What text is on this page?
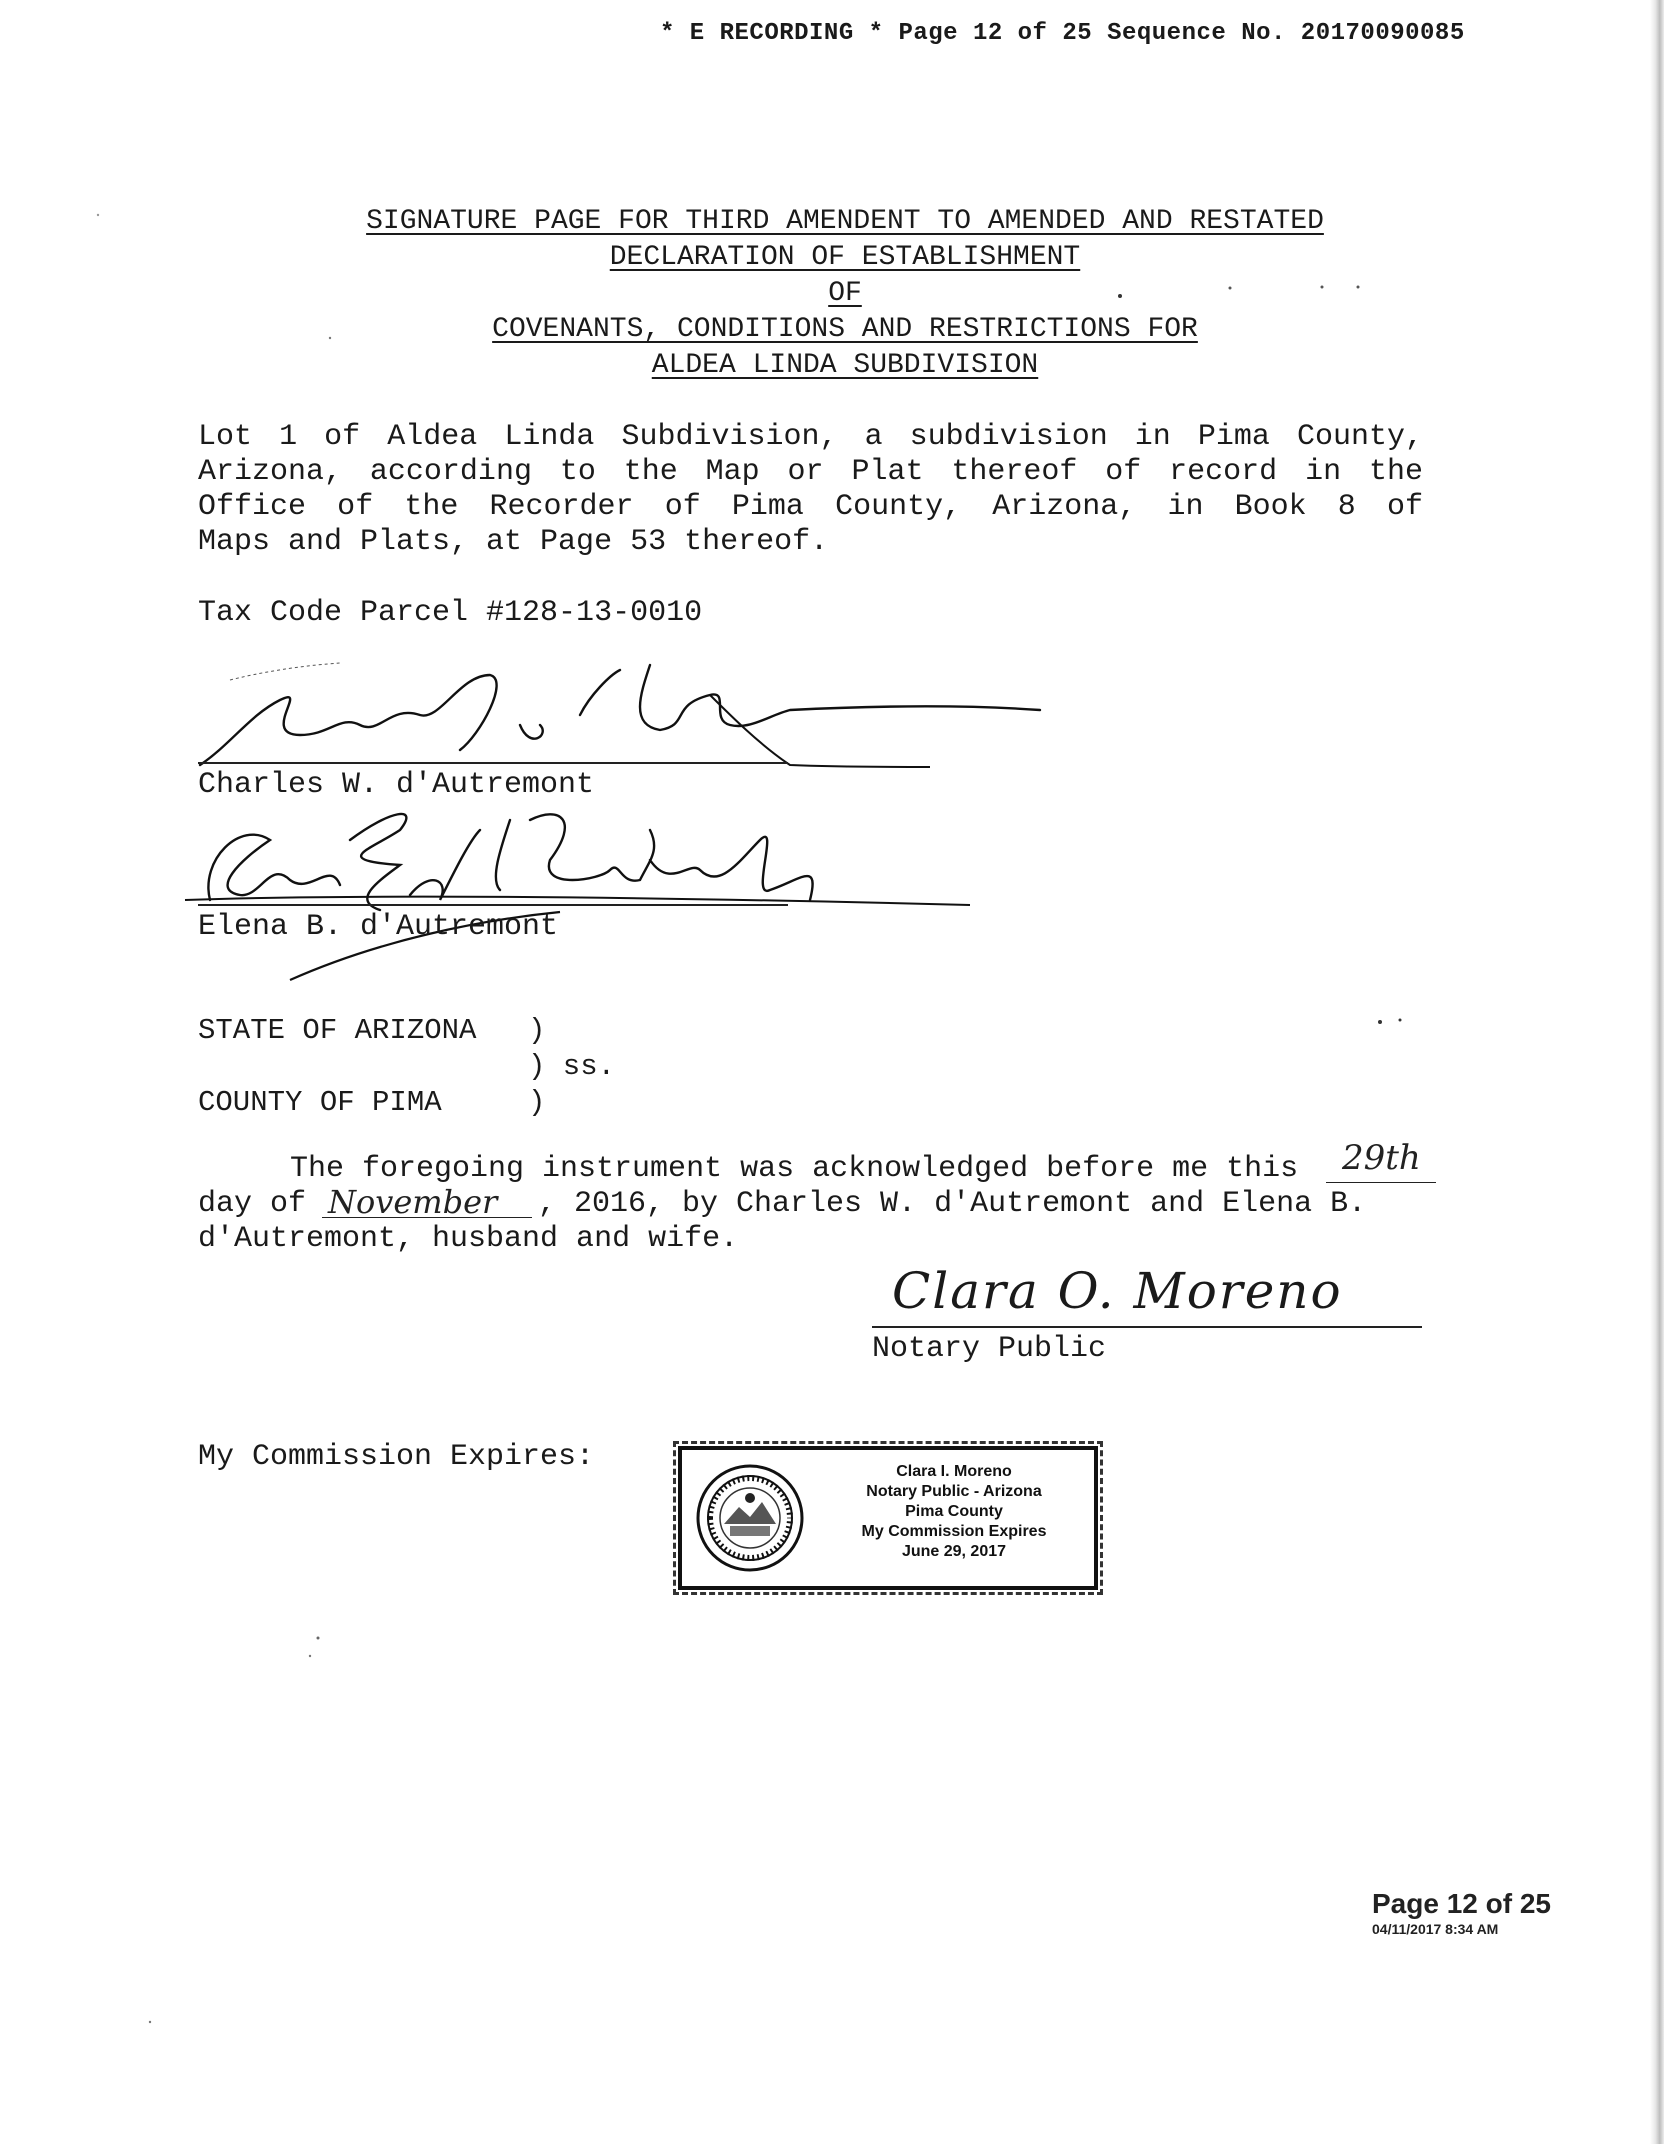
* E RECORDING * Page 12 of 25 Sequence No. 20170090085
SIGNATURE PAGE FOR THIRD AMENDENT TO AMENDED AND RESTATED
DECLARATION OF ESTABLISHMENT
OF
COVENANTS, CONDITIONS AND RESTRICTIONS FOR
ALDEA LINDA SUBDIVISION
Lot 1 of Aldea Linda Subdivision, a subdivision in Pima County,
Arizona, according to the Map or Plat thereof of record in the
Office of the Recorder of Pima County, Arizona, in Book 8 of
Maps and Plats, at Page 53 thereof.
Tax Code Parcel #128-13-0010
Charles W. d'Autremont
Elena B. d'Autremont
STATE OF ARIZONA )
) ss.
COUNTY OF PIMA	)
The foregoing instrument was acknowledged before me this 29th
day of November , 2016, by Charles W. d'Autremont and Elena B.
d'Autremont, husband and wife.
Clara O. Moreno
Notary Public
My Commission Expires:	Clara I. Moreno
Notary Public - Arizona
Pima County
My Commission Expires
June 29, 2017
Page 12 of 25
04/11/2017 8:34 AM
